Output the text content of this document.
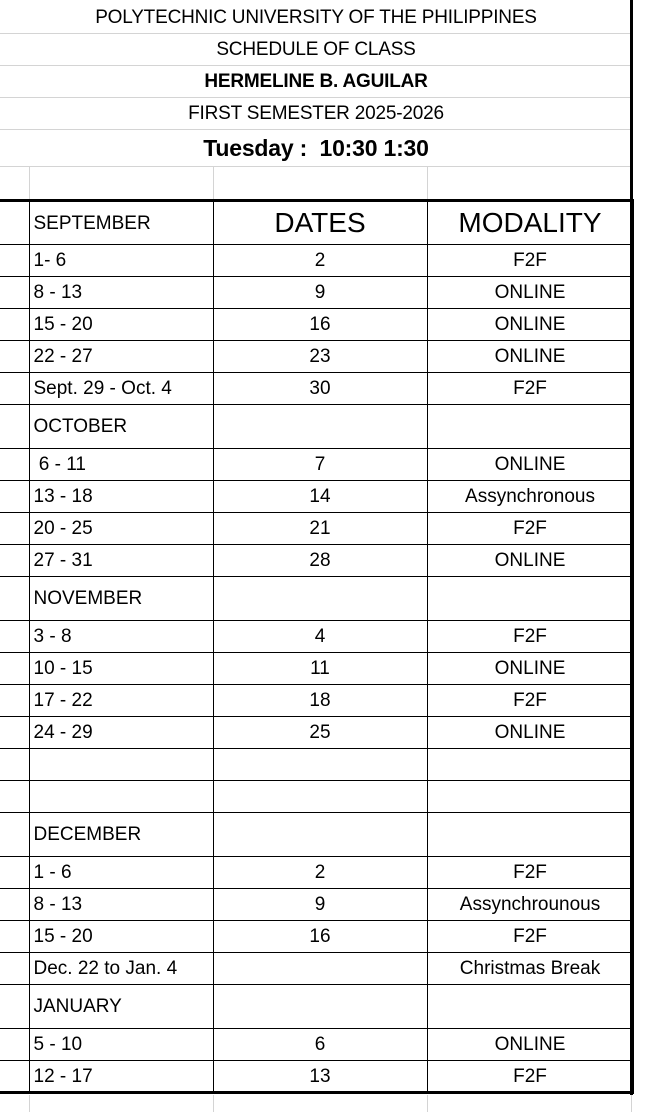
POLYTECHNIC UNIVERSITY OF THE PHILIPPINES
SCHEDULE OF CLASS
HERMELINE B. AGUILAR
FIRST SEMESTER 2025-2026
Tuesday :  10:30 1:30
	SEPTEMBER	DATES	MODALITY
	1- 6	2	F2F
	8 - 13	9	ONLINE
	15 - 20	16	ONLINE
	22 - 27	23	ONLINE
	Sept. 29 - Oct. 4	30	F2F
	OCTOBER		
	6 - 11	7	ONLINE
	13 - 18	14	Assynchronous
	20 - 25	21	F2F
	27 - 31	28	ONLINE
	NOVEMBER		
	3 - 8	4	F2F
	10 - 15	11	ONLINE
	17 - 22	18	F2F
	24 - 29	25	ONLINE

	DECEMBER		
	1 - 6	2	F2F
	8 - 13	9	Assynchrounous
	15 - 20	16	F2F
	Dec. 22 to Jan. 4		Christmas Break
	JANUARY		
	5 - 10	6	ONLINE
	12 - 17	13	F2F
